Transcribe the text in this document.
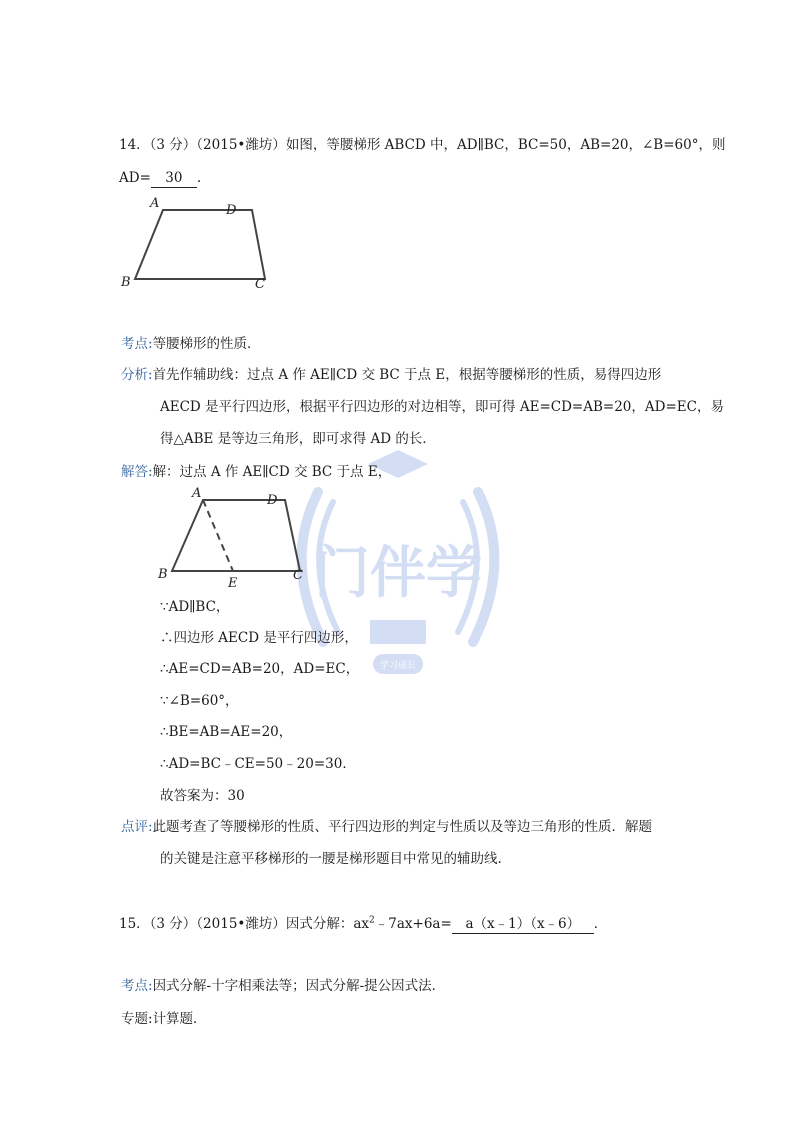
门伴学
学习成长
14．（3 分）（2015•潍坊）如图，等腰梯形 ABCD 中，AD∥BC，BC=50，AB=20，∠B=60°，则
AD= 30 .
A	D
B	C
考点:等腰梯形的性质．
分析:首先作辅助线：过点 A 作 AE∥CD 交 BC 于点 E，根据等腰梯形的性质，易得四边形
AECD 是平行四边形，根据平行四边形的对边相等，即可得 AE=CD=AB=20，AD=EC，易
得△ABE 是等边三角形，即可求得 AD 的长．
解答:解：过点 A 作 AE∥CD 交 BC 于点 E，
A	D
B	C
E
∵AD∥BC，
∴四边形 AECD 是平行四边形，
∴AE=CD=AB=20，AD=EC，
∵∠B=60°，
∴BE=AB=AE=20，
∴AD=BC﹣CE=50﹣20=30．
故答案为：30
点评:此题考查了等腰梯形的性质、平行四边形的判定与性质以及等边三角形的性质．解题
的关键是注意平移梯形的一腰是梯形题目中常见的辅助线.
15．（3 分）（2015•潍坊）因式分解：$ax^2﹣7ax+6a=$ a（x﹣1）（x﹣6） ．
考点:因式分解-十字相乘法等；因式分解-提公因式法．
专题:计算题．
